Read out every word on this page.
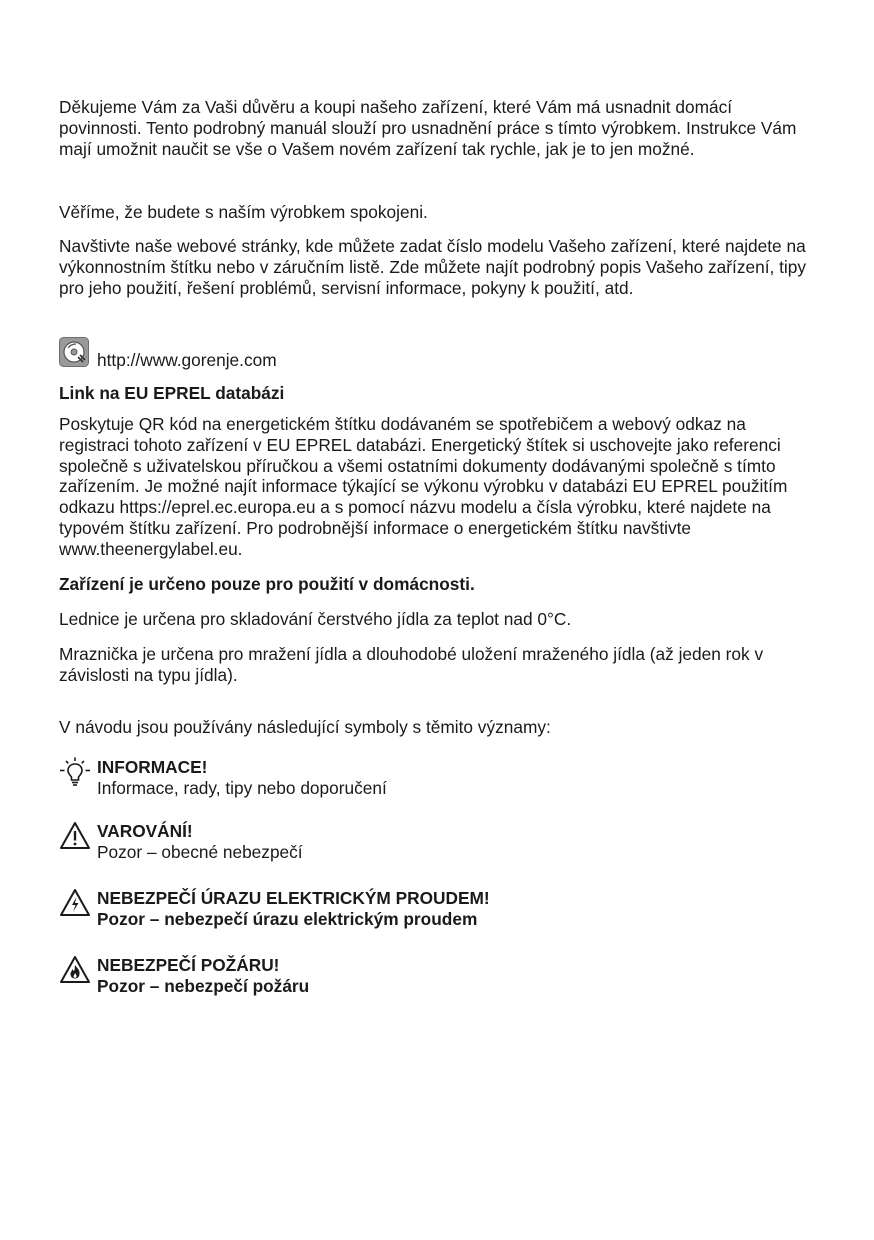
Děkujeme Vám za Vaši důvěru a koupi našeho zařízení, které Vám má usnadnit domácí povinnosti. Tento podrobný manuál slouží pro usnadnění práce s tímto výrobkem. Instrukce Vám mají umožnit naučit se vše o Vašem novém zařízení tak rychle, jak je to jen možné.

Věříme, že budete s naším výrobkem spokojeni.

Navštivte naše webové stránky, kde můžete zadat číslo modelu Vašeho zařízení, které najdete na výkonnostním štítku nebo v záručním listě. Zde můžete najít podrobný popis Vašeho zařízení, tipy pro jeho použití, řešení problémů, servisní informace, pokyny k použití, atd.

http://www.gorenje.com
Link na EU EPREL databázi

Poskytuje QR kód na energetickém štítku dodávaném se spotřebičem a webový odkaz na registraci tohoto zařízení v EU EPREL databázi. Energetický štítek si uschovejte jako referenci společně s uživatelskou příručkou a všemi ostatními dokumenty dodávanými společně s tímto zařízením. Je možné najít informace týkající se výkonu výrobku v databázi EU EPREL použitím odkazu https://eprel.ec.europa.eu a s pomocí názvu modelu a čísla výrobku, které najdete na typovém štítku zařízení. Pro podrobnější informace o energetickém štítku navštivte www.theenergylabel.eu.

Zařízení je určeno pouze pro použití v domácnosti.

Lednice je určena pro skladování čerstvého jídla za teplot nad 0°C.

Mraznička je určena pro mražení jídla a dlouhodobé uložení mraženého jídla (až jeden rok v závislosti na typu jídla).

V návodu jsou používány následující symboly s těmito významy:

INFORMACE!
Informace, rady, tipy nebo doporučení
VAROVÁNÍ!
Pozor – obecné nebezpečí
NEBEZPEČÍ ÚRAZU ELEKTRICKÝM PROUDEM!
Pozor – nebezpečí úrazu elektrickým proudem
NEBEZPEČÍ POŽÁRU!
Pozor – nebezpečí požáru
